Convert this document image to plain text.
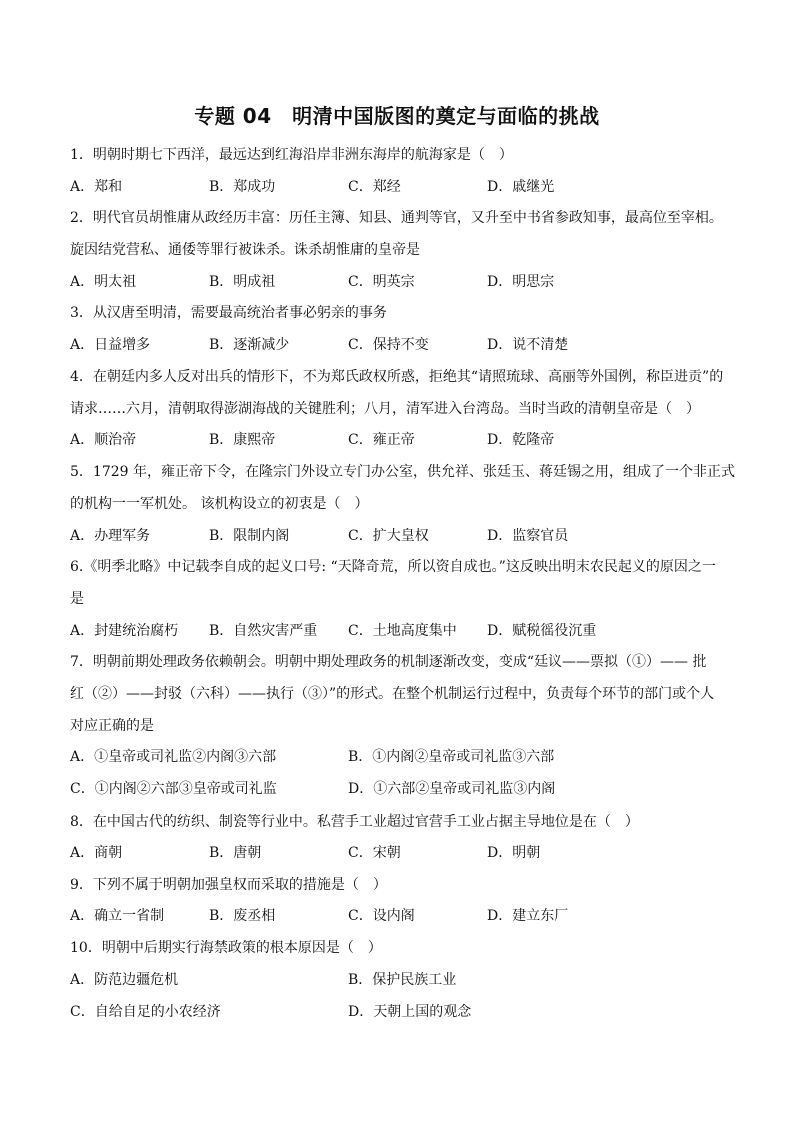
专题 04　明清中国版图的奠定与面临的挑战
1．明朝时期七下西洋，最远达到红海沿岸非洲东海岸的航海家是（　）
A．郑和	B．郑成功	C．郑经	D．戚继光
2．明代官员胡惟庸从政经历丰富：历任主簿、知县、通判等官，又升至中书省参政知事，最高位至宰相。
旋因结党营私、通倭等罪行被诛杀。诛杀胡惟庸的皇帝是
A．明太祖	B．明成祖	C．明英宗	D．明思宗
3．从汉唐至明清，需要最高统治者事必躬亲的事务
A．日益增多	B．逐渐减少	C．保持不变	D．说不清楚
4．在朝廷内多人反对出兵的情形下，不为郑氏政权所惑，拒绝其“请照琉球、高丽等外国例，称臣进贡”的
请求……六月，清朝取得澎湖海战的关键胜利；八月，清军进入台湾岛。当时当政的清朝皇帝是（　）
A．顺治帝	B．康熙帝	C．雍正帝	D．乾隆帝
5．1729 年，雍正帝下令，在隆宗门外设立专门办公室，供允祥、张廷玉、蒋廷锡之用，组成了一个非正式
的机构一一军机处。 该机构设立的初衷是（　）
A．办理军务	B．限制内阁	C．扩大皇权	D．监察官员
6.《明季北略》中记载李自成的起义口号: “天降奇荒，所以资自成也。”这反映出明末农民起义的原因之一
是
A．封建统治腐朽 B．自然灾害严重 C．土地高度集中 D．赋税徭役沉重
7．明朝前期处理政务依赖朝会。明朝中期处理政务的机制逐渐改变，变成“廷议——票拟（①）—— 批
红（②）——封驳（六科）——执行（③）”的形式。在整个机制运行过程中，负责每个环节的部门或个人
对应正确的是
A．①皇帝或司礼监②内阁③六部	B．①内阁②皇帝或司礼监③六部
C．①内阁②六部③皇帝或司礼监	D．①六部②皇帝或司礼监③内阁
8．在中国古代的纺织、制瓷等行业中。私营手工业超过官营手工业占据主导地位是在（　）
A．商朝	B．唐朝	C．宋朝	D．明朝
9．下列不属于明朝加强皇权而采取的措施是（　）
A．确立一省制	B．废丞相	C．设内阁	D．建立东厂
10．明朝中后期实行海禁政策的根本原因是（　）
A．防范边疆危机	B．保护民族工业
C．自给自足的小农经济	D．天朝上国的观念
